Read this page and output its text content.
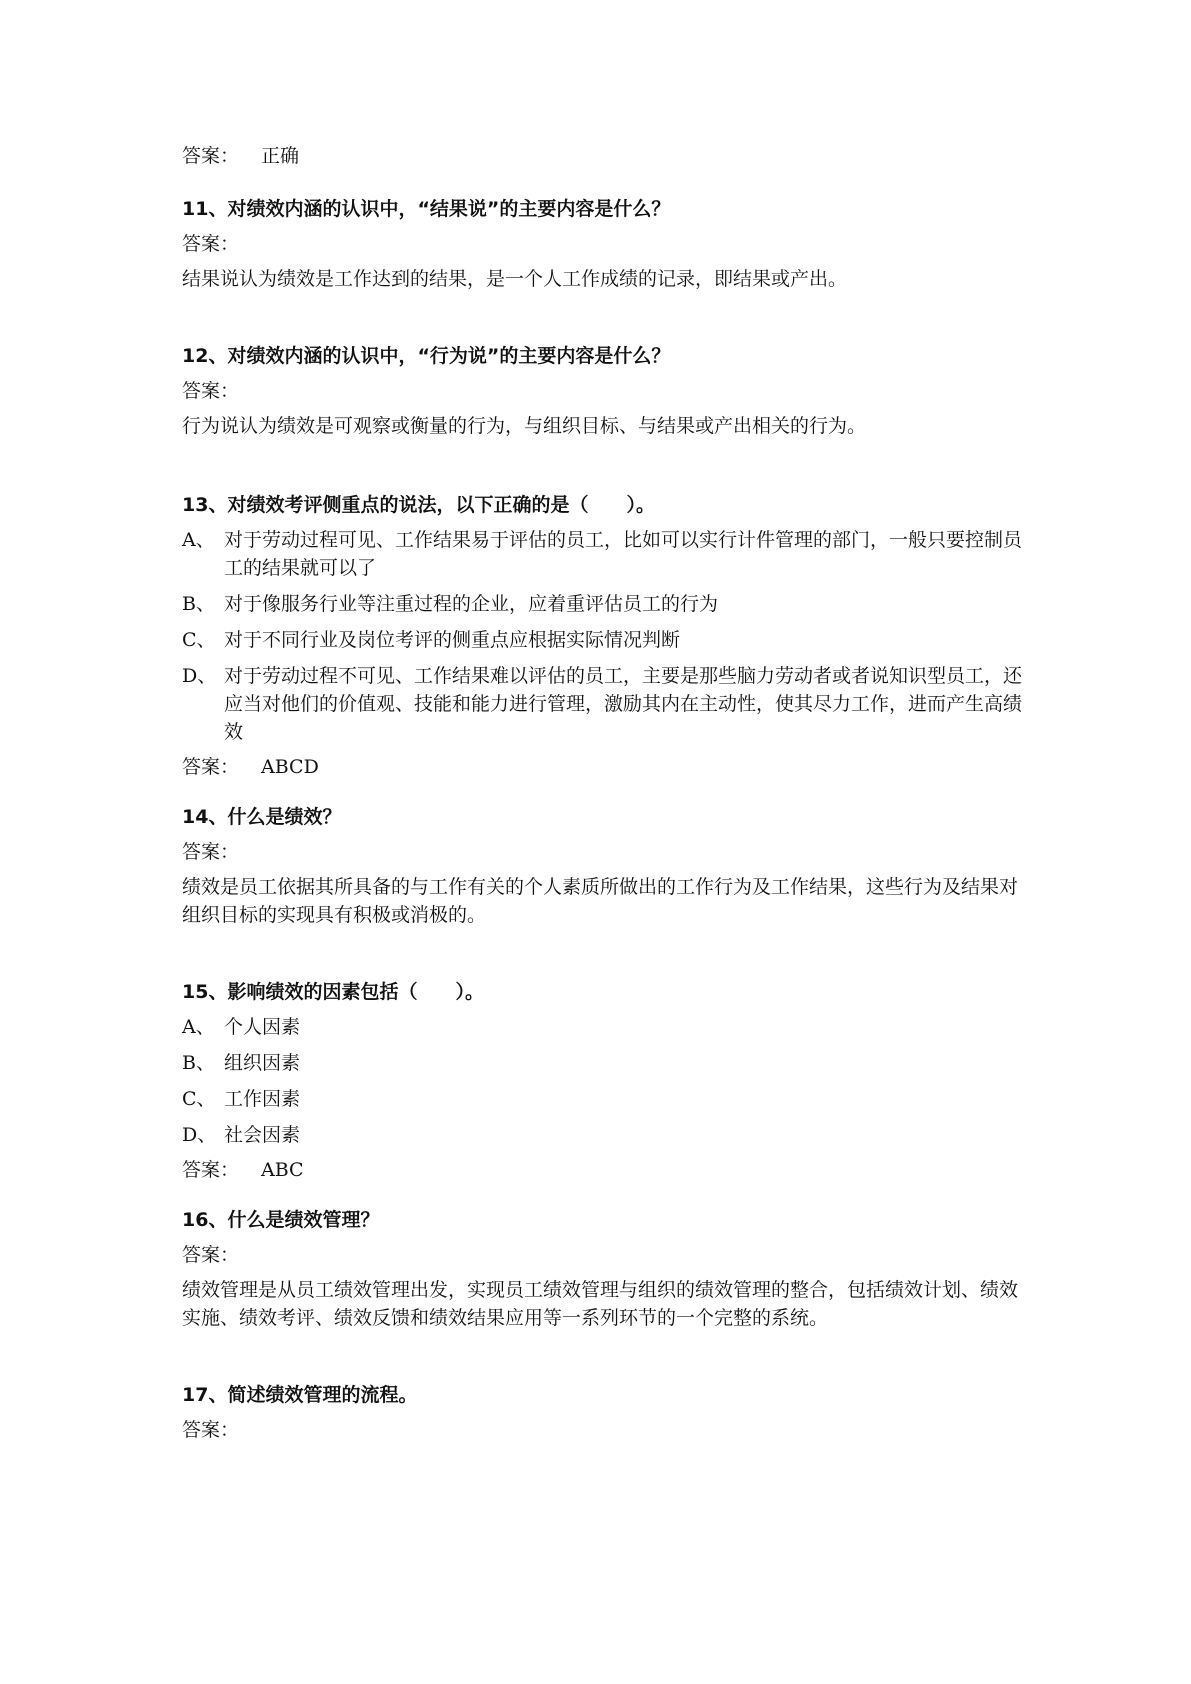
答案： 正确

11、对绩效内涵的认识中，“结果说”的主要内容是什么？

答案：

结果说认为绩效是工作达到的结果，是一个人工作成绩的记录，即结果或产出。

12、对绩效内涵的认识中，“行为说”的主要内容是什么？

答案：

行为说认为绩效是可观察或衡量的行为，与组织目标、与结果或产出相关的行为。

13、对绩效考评侧重点的说法，以下正确的是（　　）。

A、 对于劳动过程可见、工作结果易于评估的员工，比如可以实行计件管理的部门，一般只要控制员工的结果就可以了
B、 对于像服务行业等注重过程的企业，应着重评估员工的行为
C、 对于不同行业及岗位考评的侧重点应根据实际情况判断
D、 对于劳动过程不可见、工作结果难以评估的员工，主要是那些脑力劳动者或者说知识型员工，还应当对他们的价值观、技能和能力进行管理，激励其内在主动性，使其尽力工作，进而产生高绩效

答案： ABCD

14、什么是绩效？

答案：

绩效是员工依据其所具备的与工作有关的个人素质所做出的工作行为及工作结果，这些行为及结果对组织目标的实现具有积极或消极的。

15、影响绩效的因素包括（　　）。

A、 个人因素
B、 组织因素
C、 工作因素
D、 社会因素

答案： ABC

16、什么是绩效管理？

答案：

绩效管理是从员工绩效管理出发，实现员工绩效管理与组织的绩效管理的整合，包括绩效计划、绩效实施、绩效考评、绩效反馈和绩效结果应用等一系列环节的一个完整的系统。

17、简述绩效管理的流程。

答案：
